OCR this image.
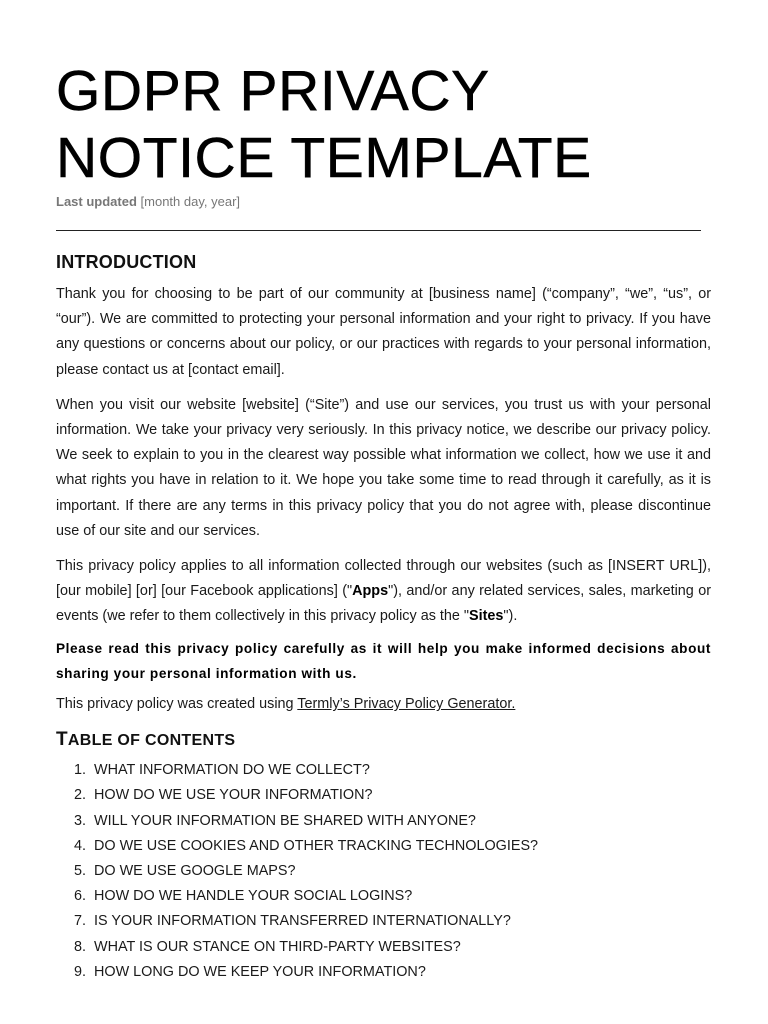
GDPR PRIVACY
NOTICE TEMPLATE
Last updated [month day, year]
INTRODUCTION

Thank you for choosing to be part of our community at [business name] (“company”, “we”, “us”, or “our”). We are committed to protecting your personal information and your right to privacy. If you have any questions or concerns about our policy, or our practices with regards to your personal information, please contact us at [contact email].

When you visit our website [website] (“Site”) and use our services, you trust us with your personal information. We take your privacy very seriously. In this privacy notice, we describe our privacy policy. We seek to explain to you in the clearest way possible what information we collect, how we use it and what rights you have in relation to it. We hope you take some time to read through it carefully, as it is important. If there are any terms in this privacy policy that you do not agree with, please discontinue use of our site and our services.

This privacy policy applies to all information collected through our websites (such as [INSERT URL]), [our mobile] [or] [our Facebook applications] ("Apps"), and/or any related services, sales, marketing or events (we refer to them collectively in this privacy policy as the "Sites").

Please read this privacy policy carefully as it will help you make informed decisions about sharing your personal information with us.

This privacy policy was created using Termly’s Privacy Policy Generator.

TABLE OF CONTENTS
1. WHAT INFORMATION DO WE COLLECT?
2. HOW DO WE USE YOUR INFORMATION?
3. WILL YOUR INFORMATION BE SHARED WITH ANYONE?
4. DO WE USE COOKIES AND OTHER TRACKING TECHNOLOGIES?
5. DO WE USE GOOGLE MAPS?
6. HOW DO WE HANDLE YOUR SOCIAL LOGINS?
7. IS YOUR INFORMATION TRANSFERRED INTERNATIONALLY?
8. WHAT IS OUR STANCE ON THIRD-PARTY WEBSITES?
9. HOW LONG DO WE KEEP YOUR INFORMATION?
